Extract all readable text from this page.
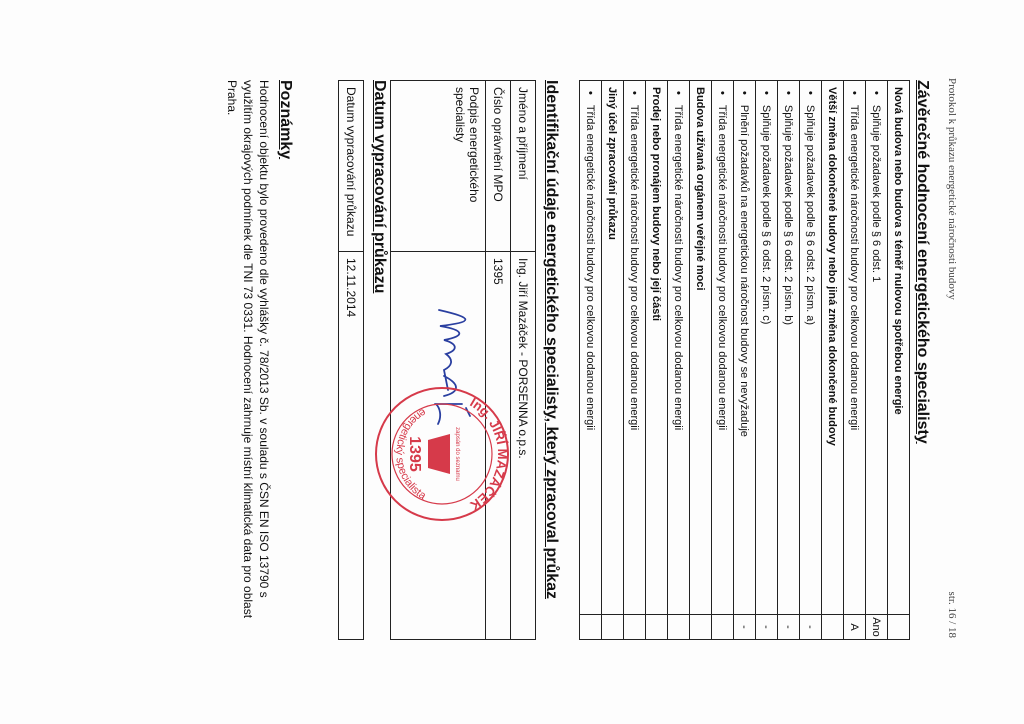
Protokol k průkazu energetické náročnosti budovy
str. 16 / 18
Závěrečné hodnocení energetického specialisty
Nová budova nebo budova s téměř nulovou spotřebou energie	
• Splňuje požadavek podle § 6 odst. 1	Ano
• Třída energetické náročnosti budovy pro celkovou dodanou energii	A
Větší změna dokončené budovy nebo jiná změna dokončené budovy	
• Splňuje požadavek podle § 6 odst. 2 písm. a)	-
• Splňuje požadavek podle § 6 odst. 2 písm. b)	-
• Splňuje požadavek podle § 6 odst. 2 písm. c)	-
• Plnění požadavků na energetickou náročnost budovy se nevyžaduje	-
• Třída energetické náročnosti budovy pro celkovou dodanou energii	
Budova užívaná orgánem veřejné moci	
• Třída energetické náročnosti budovy pro celkovou dodanou energii	
Prodej nebo pronájem budovy nebo její části	
• Třída energetické náročnosti budovy pro celkovou dodanou energii	
Jiný účel zpracování průkazu	
• Třída energetické náročnosti budovy pro celkovou dodanou energii	
Identifikační údaje energetického specialisty, který zpracoval průkaz
Jméno a příjmení	Ing. Jiří Mazáček - PORSENNA o.p.s.
Číslo oprávnění MPO	1395
Podpis energetického specialisty	
Datum vypracování průkazu
Datum vypracování průkazu	12.11.2014
Poznámky
Hodnocení objektu bylo provedeno dle vyhlášky č. 78/2013 Sb. v souladu s ČSN EN ISO 13790 s využitím okrajových podmínek dle TNI 73 0331. Hodnocení zahrnuje místní klimatická data pro oblast Praha.
Ing. JIŘÍ MAZÁČEK
energetický specialista
zapsán do seznamu
1395
